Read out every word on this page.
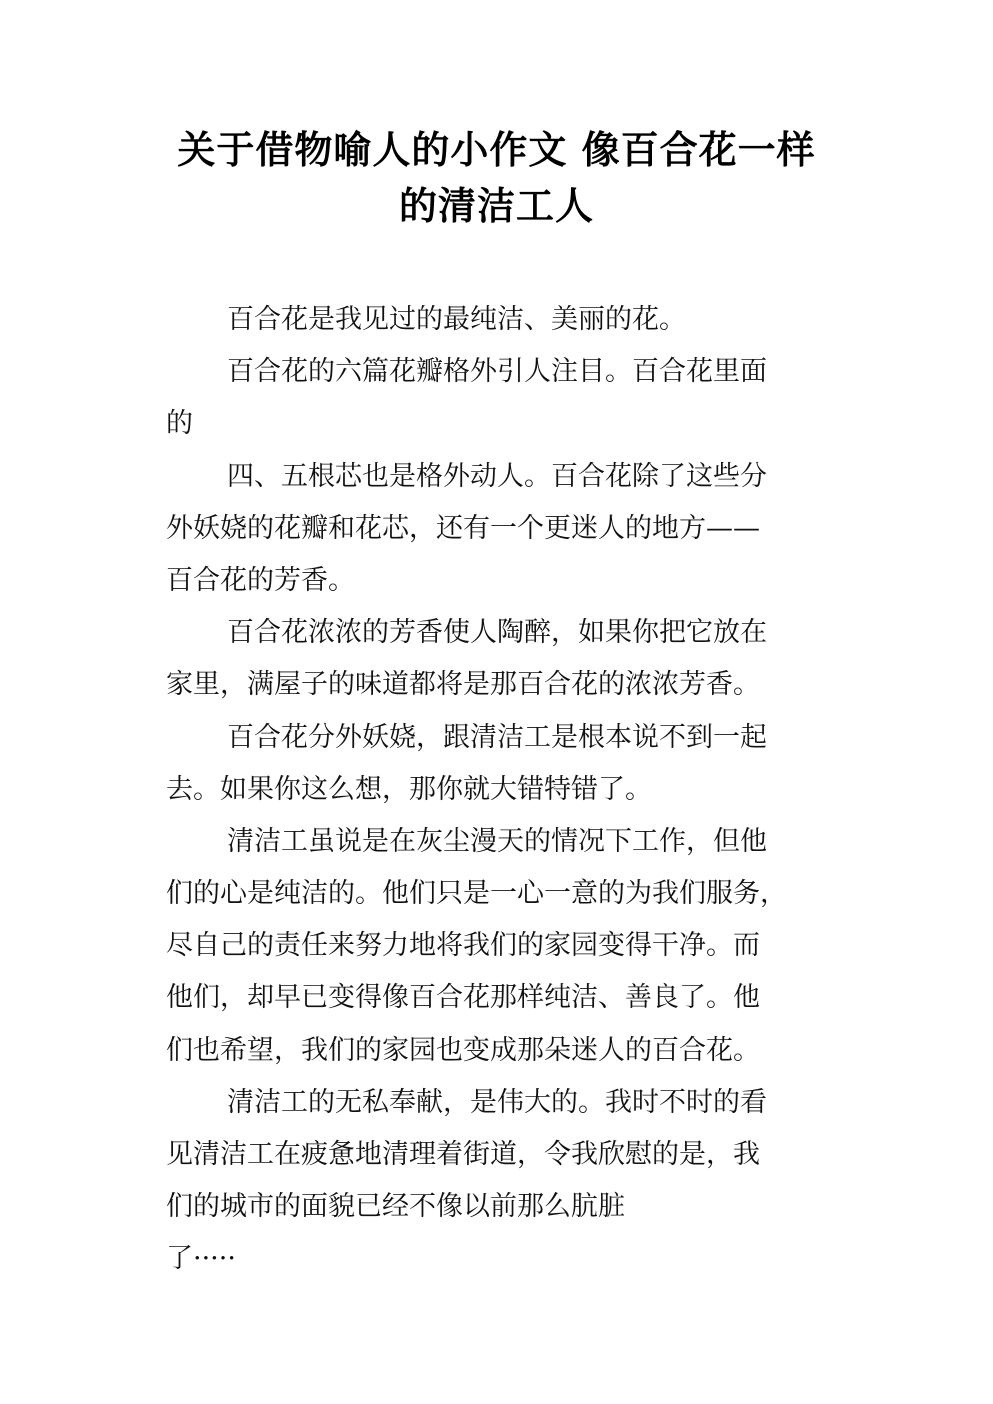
关于借物喻人的小作文 像百合花一样
的清洁工人
百合花是我见过的最纯洁、美丽的花。
百合花的六篇花瓣格外引人注目。百合花里面
的
四、五根芯也是格外动人。百合花除了这些分
外妖娆的花瓣和花芯，还有一个更迷人的地方——
百合花的芳香。
百合花浓浓的芳香使人陶醉，如果你把它放在
家里，满屋子的味道都将是那百合花的浓浓芳香。
百合花分外妖娆，跟清洁工是根本说不到一起
去。如果你这么想，那你就大错特错了。
清洁工虽说是在灰尘漫天的情况下工作，但他
们的心是纯洁的。他们只是一心一意的为我们服务，
尽自己的责任来努力地将我们的家园变得干净。而
他们，却早已变得像百合花那样纯洁、善良了。他
们也希望，我们的家园也变成那朵迷人的百合花。
清洁工的无私奉献，是伟大的。我时不时的看
见清洁工在疲惫地清理着街道，令我欣慰的是，我
们的城市的面貌已经不像以前那么肮脏
了·····
